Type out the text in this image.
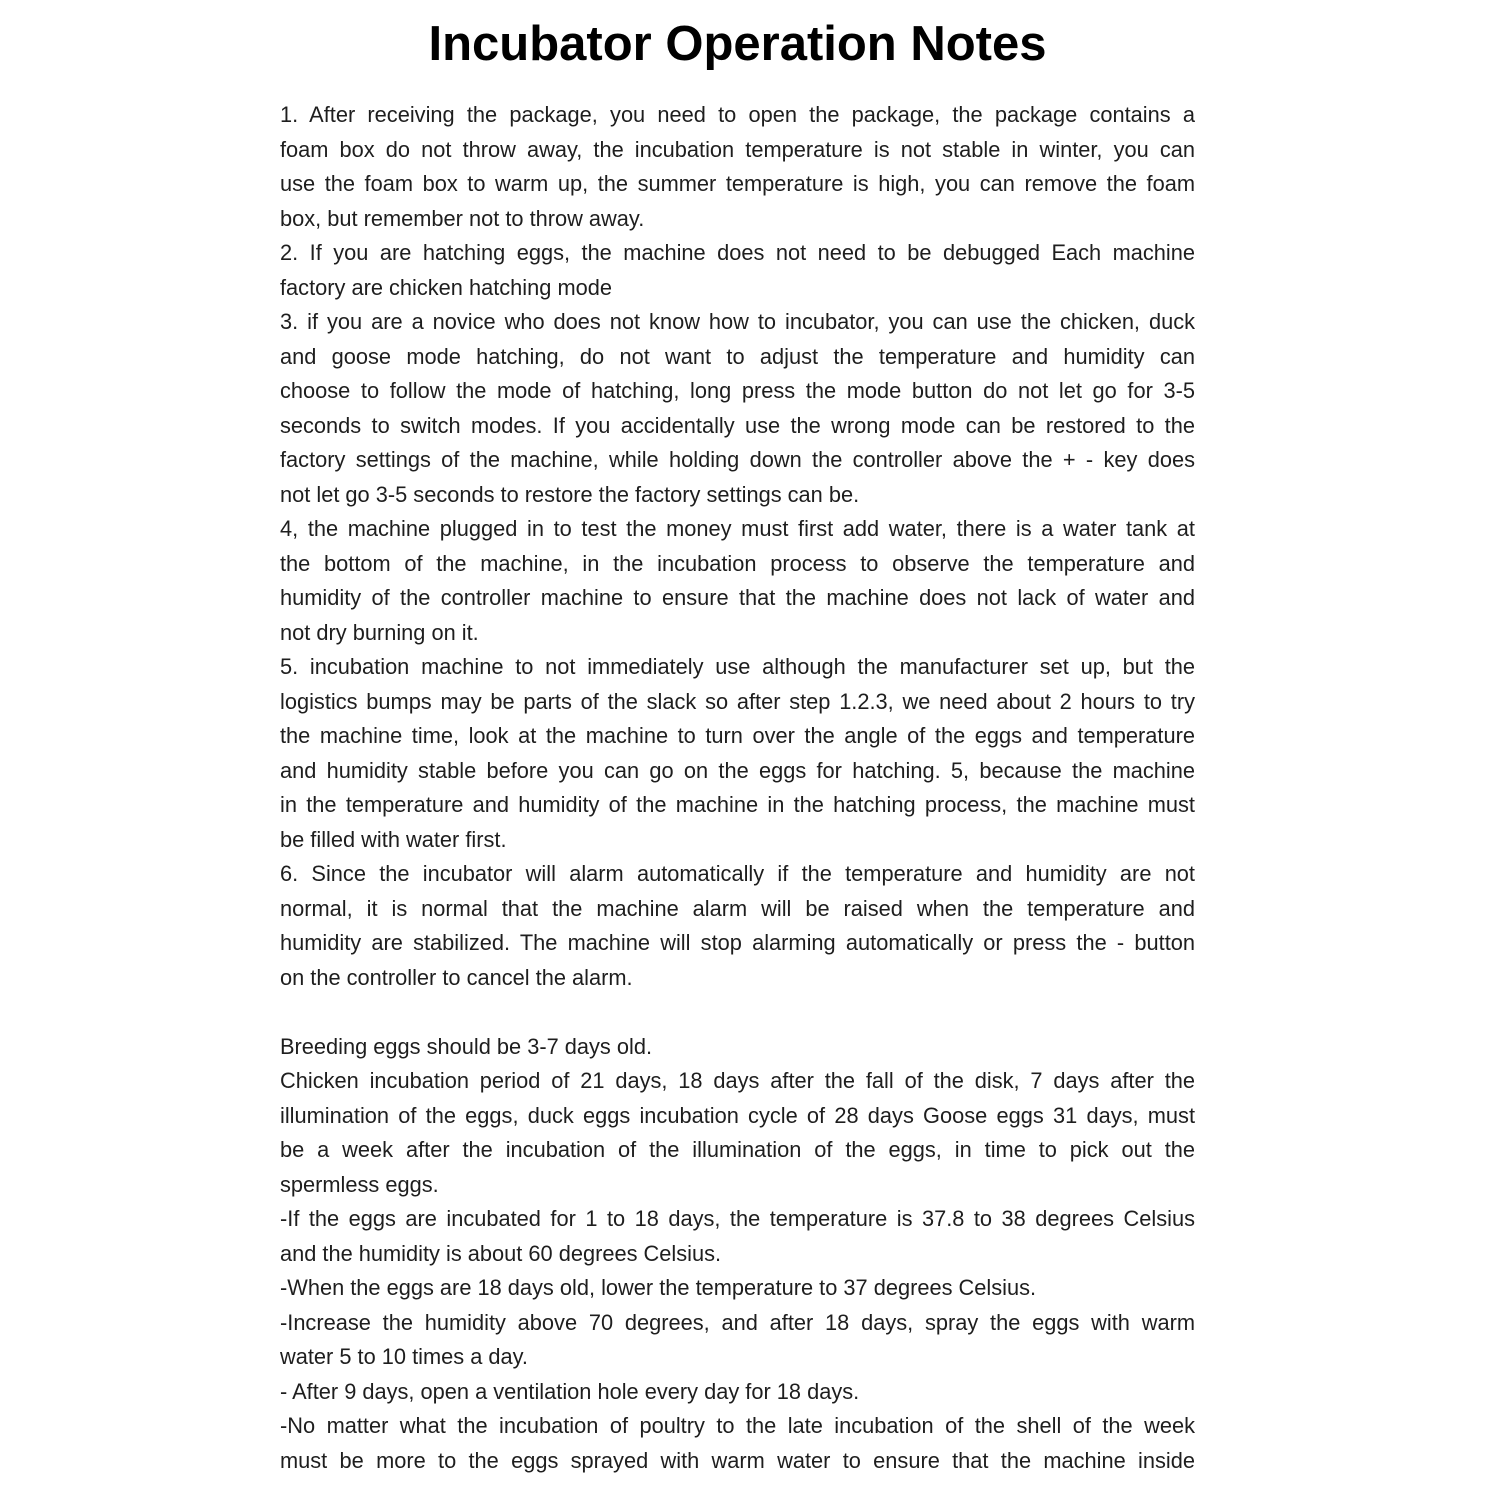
Incubator Operation Notes
1. After receiving the package, you need to open the package, the package contains a
foam box do not throw away, the incubation temperature is not stable in winter, you can
use the foam box to warm up, the summer temperature is high, you can remove the foam
box, but remember not to throw away.
2. If you are hatching eggs, the machine does not need to be debugged Each machine
factory are chicken hatching mode
3. if you are a novice who does not know how to incubator, you can use the chicken, duck
and goose mode hatching, do not want to adjust the temperature and humidity can
choose to follow the mode of hatching, long press the mode button do not let go for 3-5
seconds to switch modes. If you accidentally use the wrong mode can be restored to the
factory settings of the machine, while holding down the controller above the + - key does
not let go 3-5 seconds to restore the factory settings can be.
4, the machine plugged in to test the money must first add water, there is a water tank at
the bottom of the machine, in the incubation process to observe the temperature and
humidity of the controller machine to ensure that the machine does not lack of water and
not dry burning on it.
5. incubation machine to not immediately use although the manufacturer set up, but the
logistics bumps may be parts of the slack so after step 1.2.3, we need about 2 hours to try
the machine time, look at the machine to turn over the angle of the eggs and temperature
and humidity stable before you can go on the eggs for hatching. 5, because the machine
in the temperature and humidity of the machine in the hatching process, the machine must
be filled with water first.
6. Since the incubator will alarm automatically if the temperature and humidity are not
normal, it is normal that the machine alarm will be raised when the temperature and
humidity are stabilized. The machine will stop alarming automatically or press the - button
on the controller to cancel the alarm.

Breeding eggs should be 3-7 days old.
Chicken incubation period of 21 days, 18 days after the fall of the disk, 7 days after the
illumination of the eggs, duck eggs incubation cycle of 28 days Goose eggs 31 days, must
be a week after the incubation of the illumination of the eggs, in time to pick out the
spermless eggs.
-If the eggs are incubated for 1 to 18 days, the temperature is 37.8 to 38 degrees Celsius
and the humidity is about 60 degrees Celsius.
-When the eggs are 18 days old, lower the temperature to 37 degrees Celsius.
-Increase the humidity above 70 degrees, and after 18 days, spray the eggs with warm
water 5 to 10 times a day.
- After 9 days, open a ventilation hole every day for 18 days.
-No matter what the incubation of poultry to the late incubation of the shell of the week
must be more to the eggs sprayed with warm water to ensure that the machine inside
